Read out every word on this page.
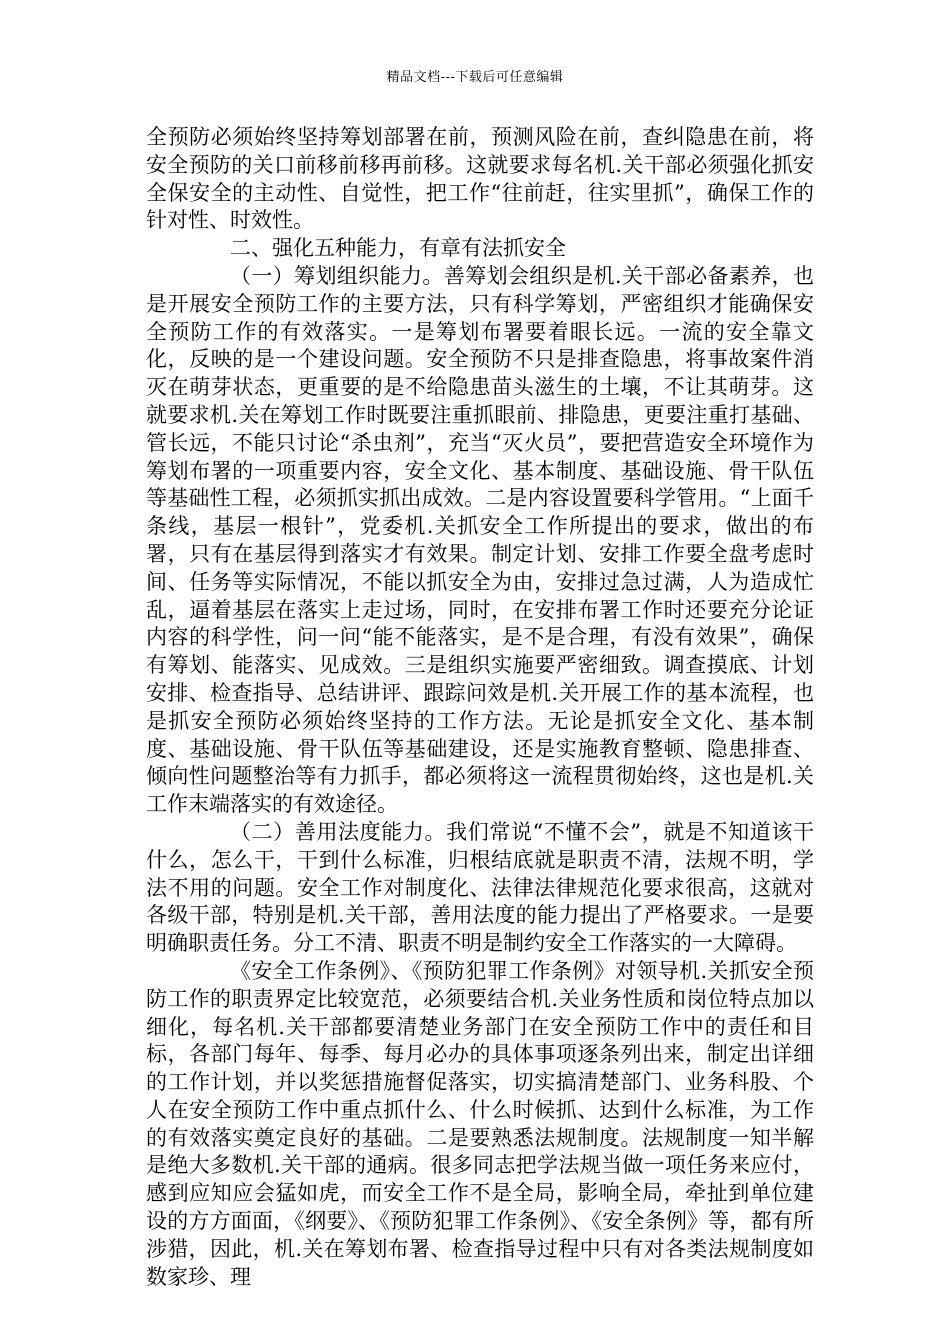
精品文档---下载后可任意编辑

全预防必须始终坚持筹划部署在前，预测风险在前，查纠隐患在前，将安全预防的关口前移前移再前移。这就要求每名机.关干部必须强化抓安全保安全的主动性、自觉性，把工作“往前赶，往实里抓”，确保工作的针对性、时效性。

二、强化五种能力，有章有法抓安全

（一）筹划组织能力。善筹划会组织是机.关干部必备素养，也是开展安全预防工作的主要方法，只有科学筹划，严密组织才能确保安全预防工作的有效落实。一是筹划布署要着眼长远。一流的安全靠文化，反映的是一个建设问题。安全预防不只是排查隐患，将事故案件消灭在萌芽状态，更重要的是不给隐患苗头滋生的土壤，不让其萌芽。这就要求机.关在筹划工作时既要注重抓眼前、排隐患，更要注重打基础、管长远，不能只讨论“杀虫剂”，充当“灭火员”，要把营造安全环境作为筹划布署的一项重要内容，安全文化、基本制度、基础设施、骨干队伍等基础性工程，必须抓实抓出成效。二是内容设置要科学管用。“上面千条线，基层一根针”，党委机.关抓安全工作所提出的要求，做出的布署，只有在基层得到落实才有效果。制定计划、安排工作要全盘考虑时间、任务等实际情况，不能以抓安全为由，安排过急过满，人为造成忙乱，逼着基层在落实上走过场，同时，在安排布署工作时还要充分论证内容的科学性，问一问“能不能落实，是不是合理，有没有效果”，确保有筹划、能落实、见成效。三是组织实施要严密细致。调查摸底、计划安排、检查指导、总结讲评、跟踪问效是机.关开展工作的基本流程，也是抓安全预防必须始终坚持的工作方法。无论是抓安全文化、基本制度、基础设施、骨干队伍等基础建设，还是实施教育整顿、隐患排查、倾向性问题整治等有力抓手，都必须将这一流程贯彻始终，这也是机.关工作末端落实的有效途径。

（二）善用法度能力。我们常说“不懂不会”，就是不知道该干什么，怎么干，干到什么标准，归根结底就是职责不清，法规不明，学法不用的问题。安全工作对制度化、法律法律规范化要求很高，这就对各级干部，特别是机.关干部，善用法度的能力提出了严格要求。一是要明确职责任务。分工不清、职责不明是制约安全工作落实的一大障碍。

《安全工作条例》、《预防犯罪工作条例》对领导机.关抓安全预防工作的职责界定比较宽范，必须要结合机.关业务性质和岗位特点加以细化，每名机.关干部都要清楚业务部门在安全预防工作中的责任和目标，各部门每年、每季、每月必办的具体事项逐条列出来，制定出详细的工作计划，并以奖惩措施督促落实，切实搞清楚部门、业务科股、个人在安全预防工作中重点抓什么、什么时候抓、达到什么标准，为工作的有效落实奠定良好的基础。二是要熟悉法规制度。法规制度一知半解是绝大多数机.关干部的通病。很多同志把学法规当做一项任务来应付，感到应知应会猛如虎，而安全工作不是全局，影响全局，牵扯到单位建设的方方面面，《纲要》、《预防犯罪工作条例》、《安全条例》等，都有所涉猎，因此，机.关在筹划布署、检查指导过程中只有对各类法规制度如数家珍、理
